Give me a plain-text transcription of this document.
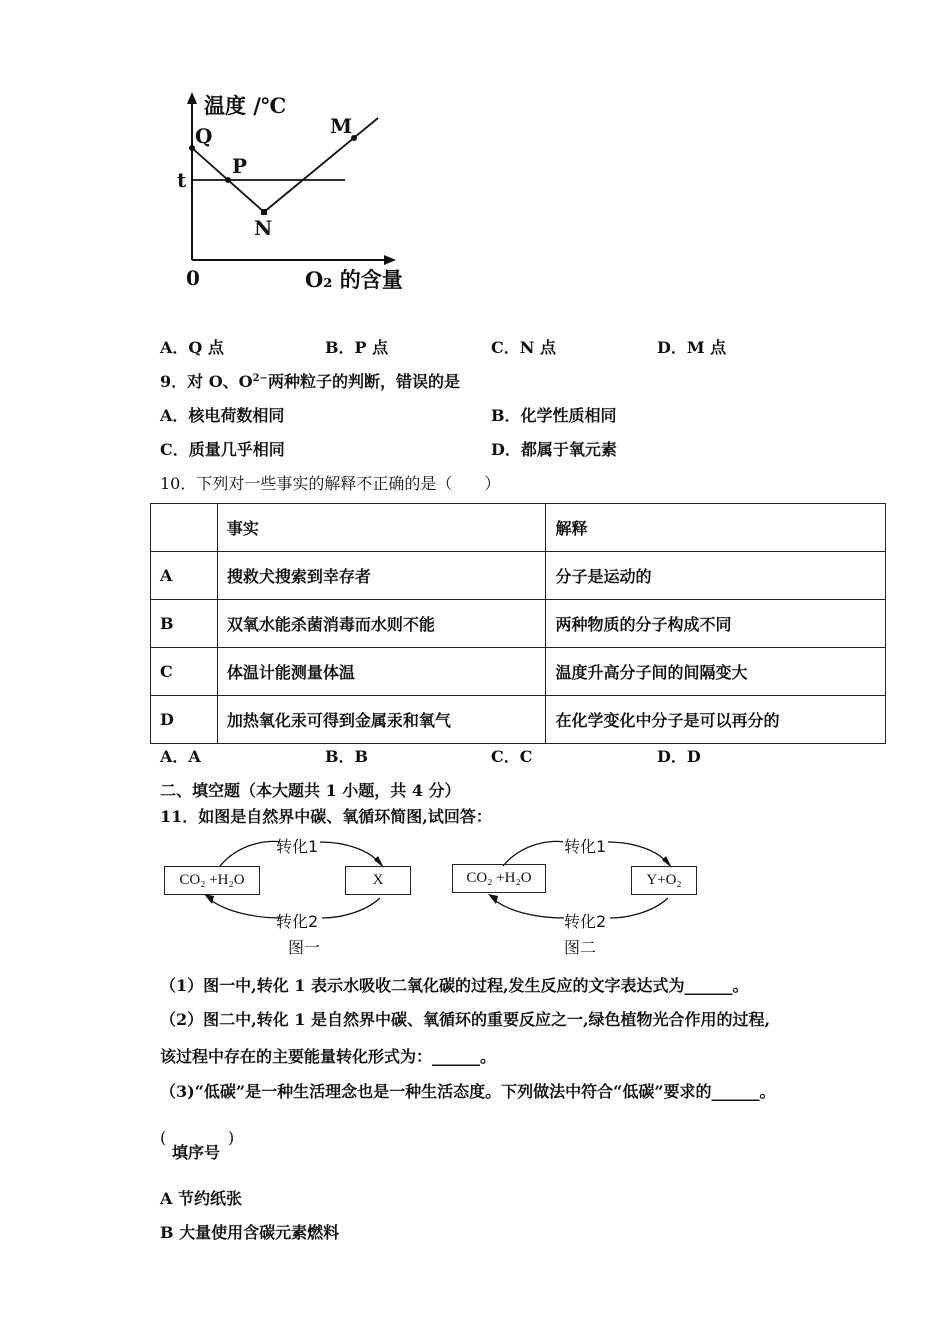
温度 /℃
O₂ 的含量
0
t
Q
P
N
M
A．Q 点	B．P 点	C．N 点	D．M 点
9．对 O、$O^{2-}$两种粒子的判断，错误的是
A．核电荷数相同	B．化学性质相同
C．质量几乎相同	D．都属于氧元素
10．下列对一些事实的解释不正确的是（　　）
	事实	解释
A	搜救犬搜索到幸存者	分子是运动的
B	双氧水能杀菌消毒而水则不能	两种物质的分子构成不同
C	体温计能测量体温	温度升高分子间的间隔变大
D	加热氧化汞可得到金属汞和氧气	在化学变化中分子是可以再分的
A．A	B．B	C．C	D．D
二、填空题（本大题共 1 小题，共 4 分）
11．如图是自然界中碳、氧循环简图,试回答：
CO₂ +H₂O	X
转化1
转化2
图一
CO₂ +H₂O	Y+O₂
转化1
转化2
图二
（1）图一中,转化 1 表示水吸收二氧化碳的过程,发生反应的文字表达式为______。
（2）图二中,转化 1 是自然界中碳、氧循环的重要反应之一,绿色植物光合作用的过程,
该过程中存在的主要能量转化形式为：______。
（3)“低碳”是一种生活理念也是一种生活态度。下列做法中符合“低碳”要求的______。
(
填序号
)
A 节约纸张
B 大量使用含碳元素燃料
